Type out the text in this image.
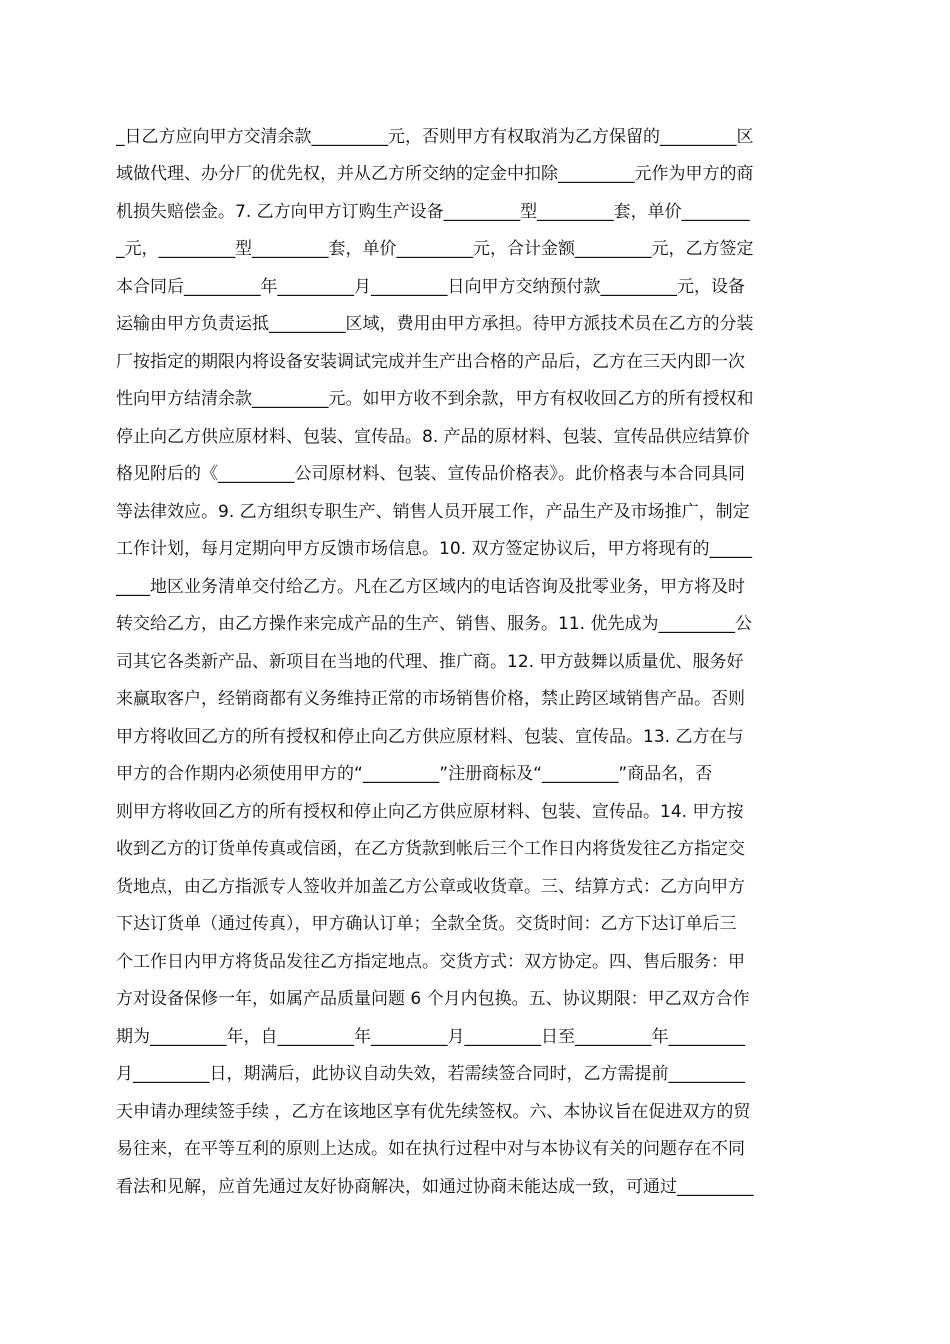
_日乙方应向甲方交清余款_________元，否则甲方有权取消为乙方保留的_________区
域做代理、办分厂的优先权，并从乙方所交纳的定金中扣除_________元作为甲方的商
机损失赔偿金。7. 乙方向甲方订购生产设备_________型_________套，单价________
_元，_________型_________套，单价_________元，合计金额_________元，乙方签定
本合同后_________年_________月_________日向甲方交纳预付款_________元，设备
运输由甲方负责运抵_________区域，费用由甲方承担。待甲方派技术员在乙方的分装
厂按指定的期限内将设备安装调试完成并生产出合格的产品后，乙方在三天内即一次
性向甲方结清余款_________元。如甲方收不到余款，甲方有权收回乙方的所有授权和
停止向乙方供应原材料、包装、宣传品。8. 产品的原材料、包装、宣传品供应结算价
格见附后的《_________公司原材料、包装、宣传品价格表》。此价格表与本合同具同
等法律效应。9. 乙方组织专职生产、销售人员开展工作，产品生产及市场推广，制定
工作计划，每月定期向甲方反馈市场信息。10. 双方签定协议后，甲方将现有的_____
____地区业务清单交付给乙方。凡在乙方区域内的电话咨询及批零业务，甲方将及时
转交给乙方，由乙方操作来完成产品的生产、销售、服务。11. 优先成为_________公
司其它各类新产品、新项目在当地的代理、推广商。12. 甲方鼓舞以质量优、服务好
来赢取客户，经销商都有义务维持正常的市场销售价格，禁止跨区域销售产品。否则
甲方将收回乙方的所有授权和停止向乙方供应原材料、包装、宣传品。13. 乙方在与
甲方的合作期内必须使用甲方的“_________”注册商标及“_________”商品名，否
则甲方将收回乙方的所有授权和停止向乙方供应原材料、包装、宣传品。14. 甲方按
收到乙方的订货单传真或信函，在乙方货款到帐后三个工作日内将货发往乙方指定交
货地点，由乙方指派专人签收并加盖乙方公章或收货章。三、结算方式：乙方向甲方
下达订货单（通过传真），甲方确认订单；全款全货。交货时间：乙方下达订单后三
个工作日内甲方将货品发往乙方指定地点。交货方式：双方协定。四、售后服务：甲
方对设备保修一年，如属产品质量问题 6 个月内包换。五、协议期限：甲乙双方合作
期为_________年，自_________年_________月_________日至_________年_________
月_________日，期满后，此协议自动失效，若需续签合同时，乙方需提前_________
天申请办理续签手续 ，乙方在该地区享有优先续签权。六、本协议旨在促进双方的贸
易往来，在平等互利的原则上达成。如在执行过程中对与本协议有关的问题存在不同
看法和见解，应首先通过友好协商解决，如通过协商未能达成一致，可通过_________
